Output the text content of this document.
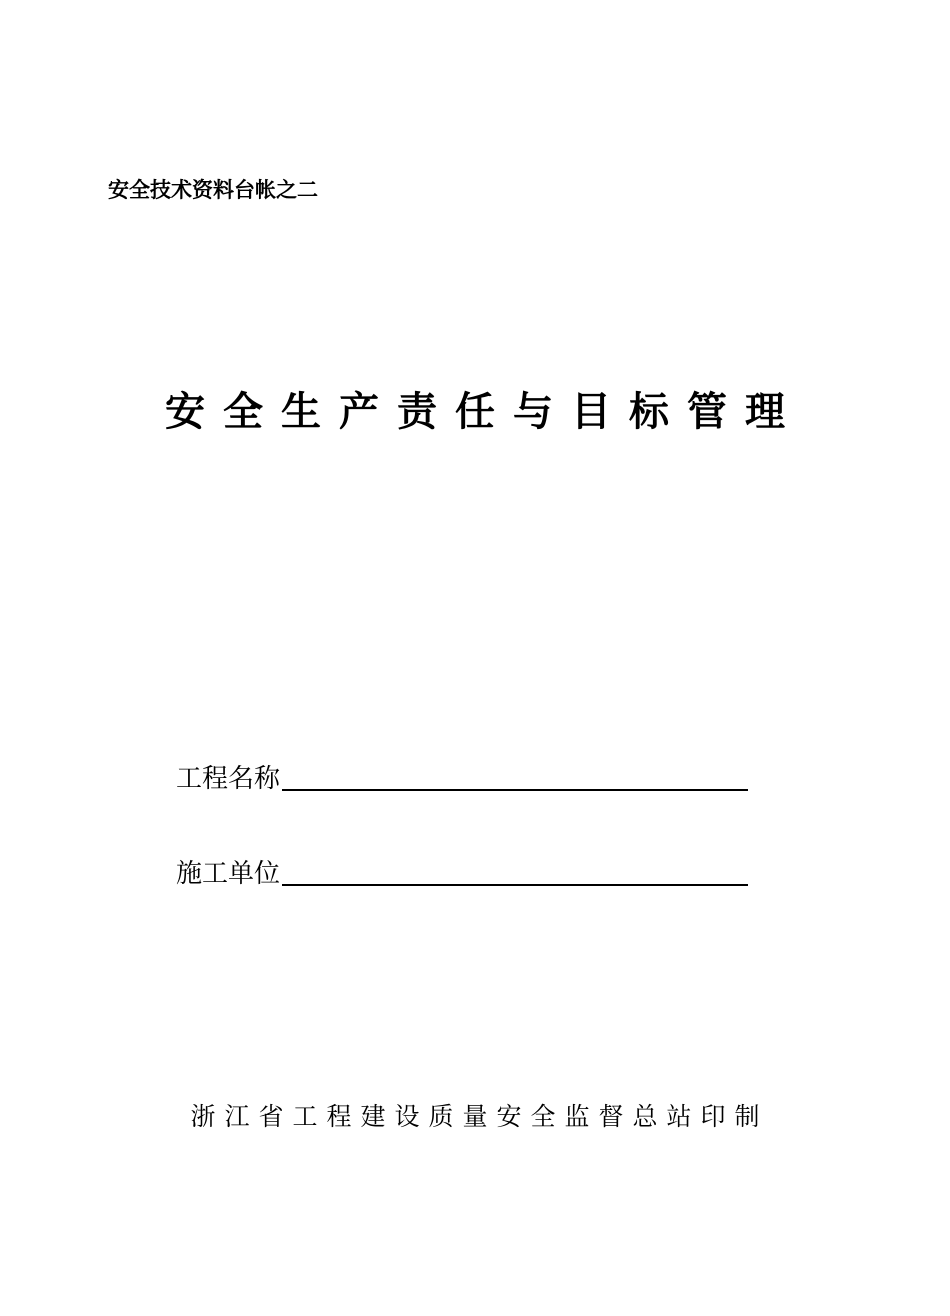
安全技术资料台帐之二
安全生产责任与目标管理
工程名称
施工单位
浙江省工程建设质量安全监督总站印制
